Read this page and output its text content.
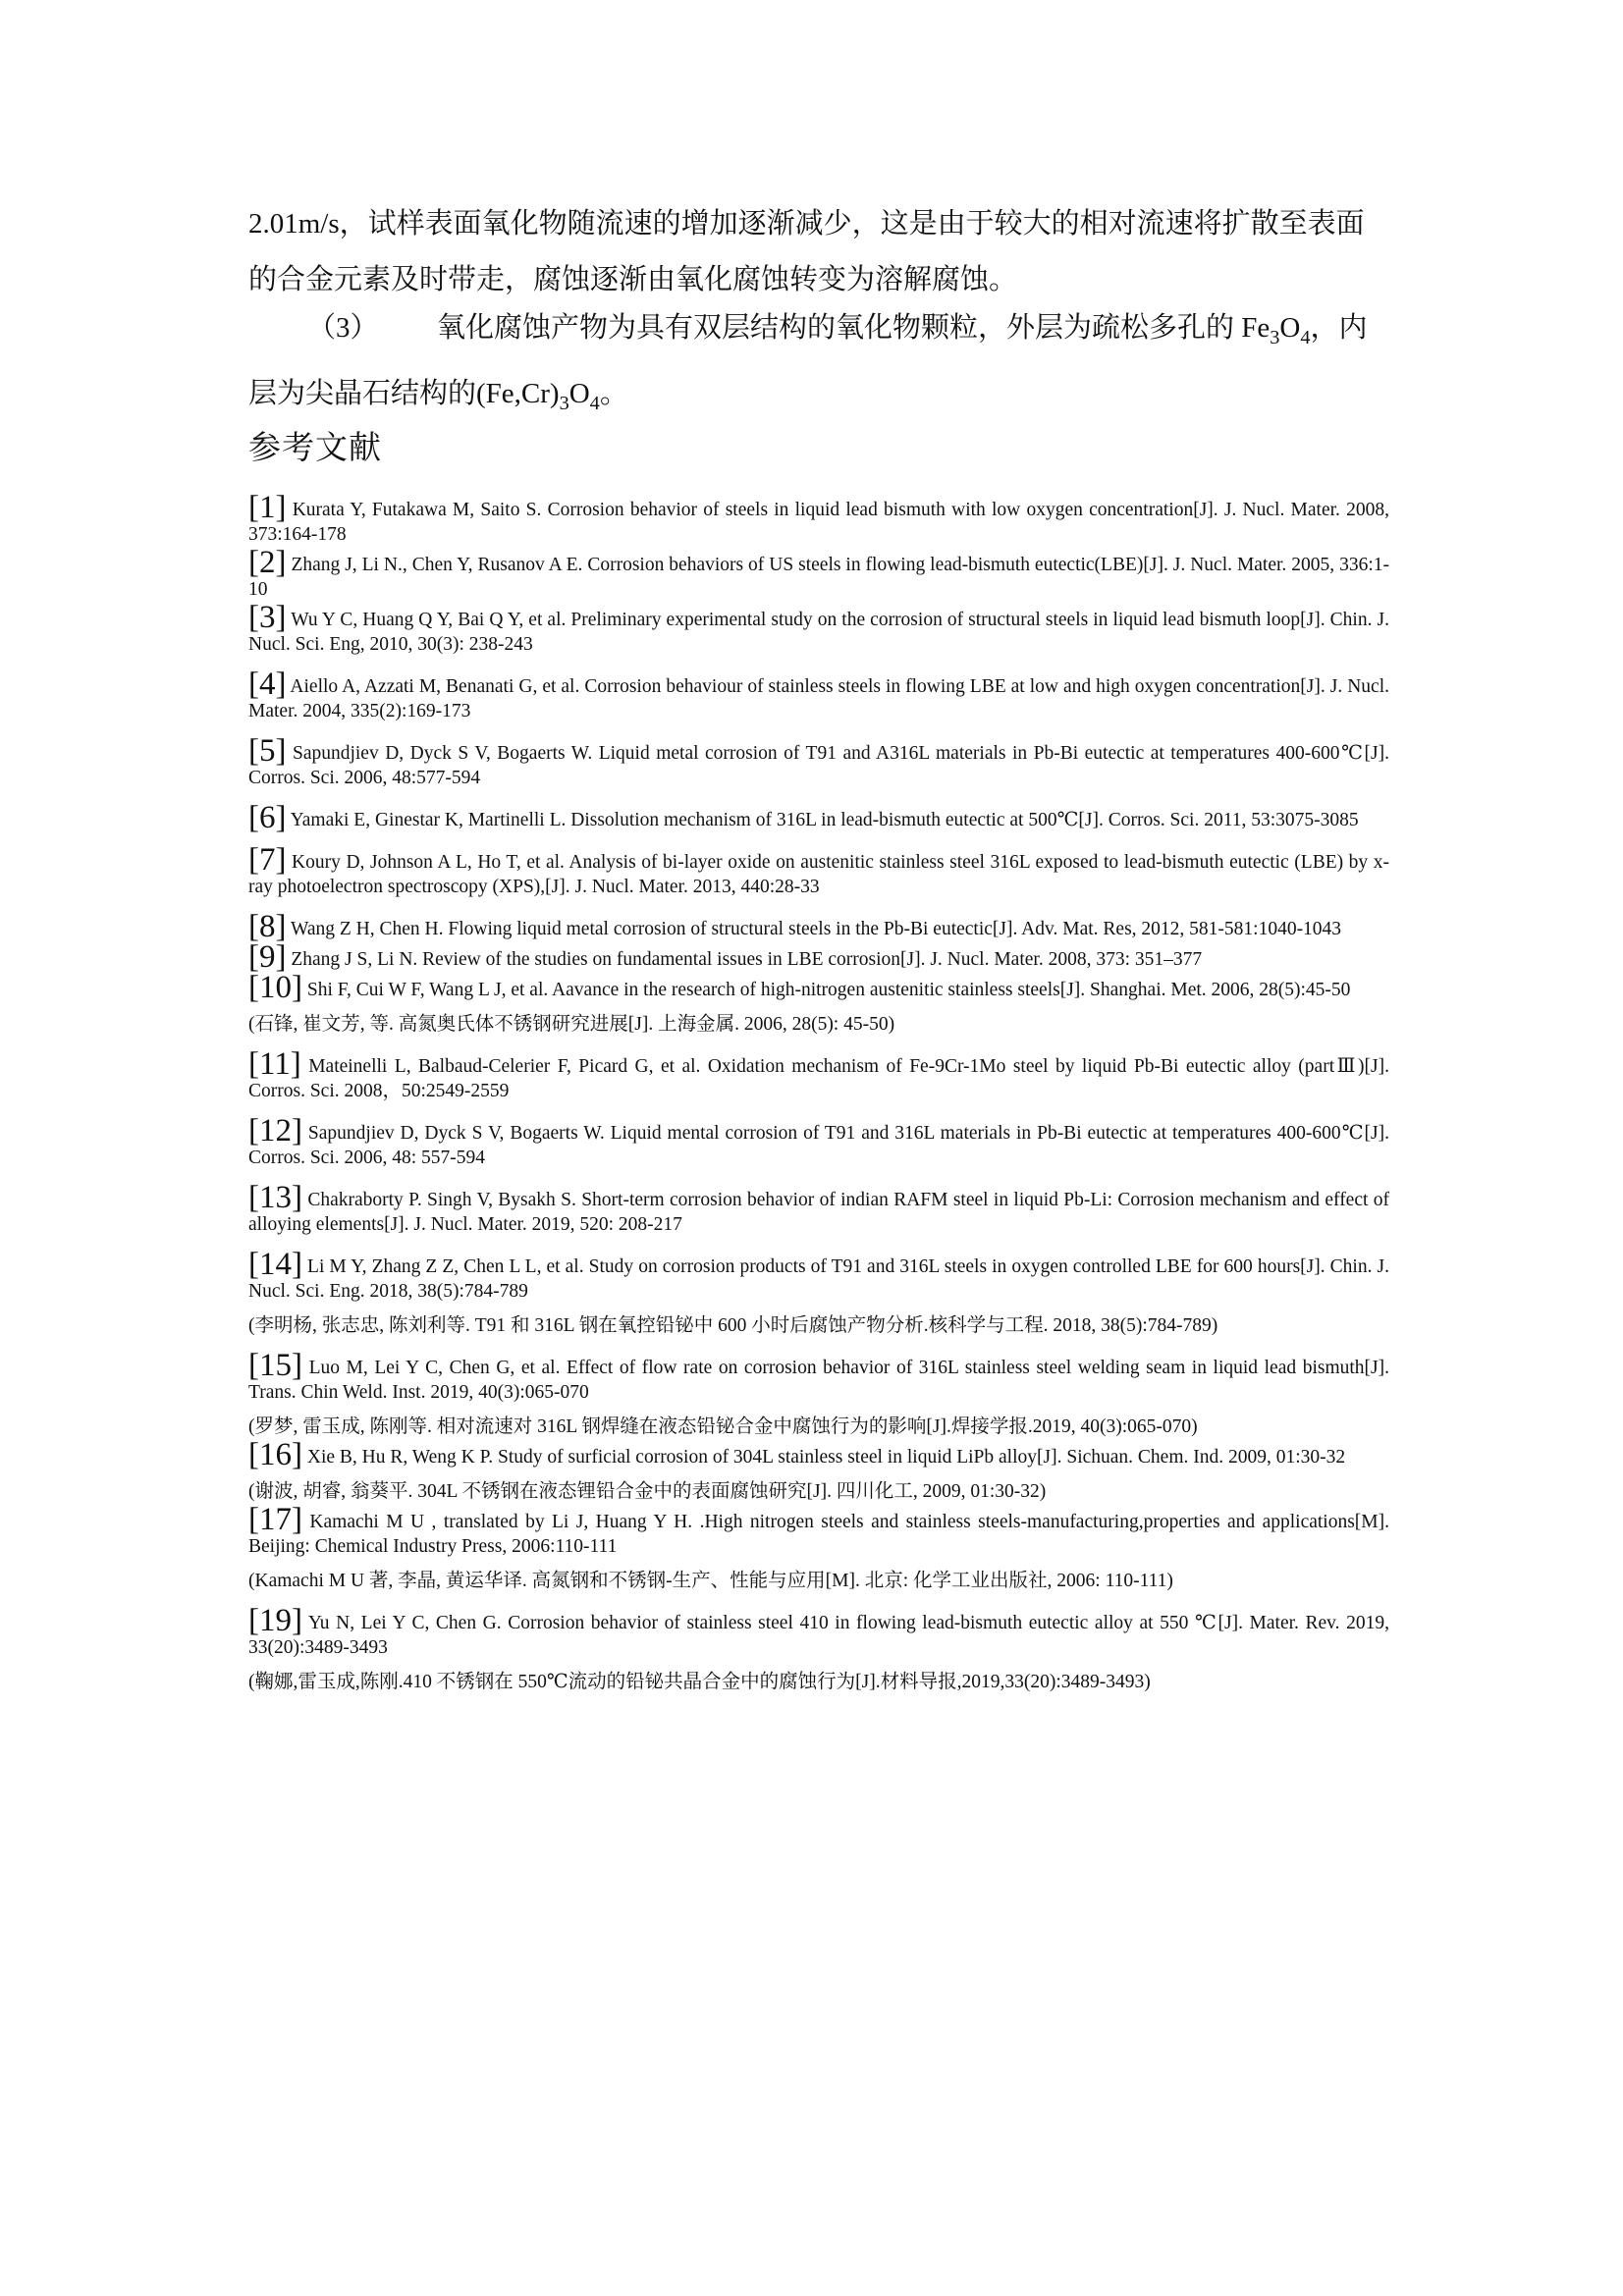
2.01m/s，试样表面氧化物随流速的增加逐渐减少，这是由于较大的相对流速将扩散至表面的合金元素及时带走，腐蚀逐渐由氧化腐蚀转变为溶解腐蚀。

（3） 氧化腐蚀产物为具有双层结构的氧化物颗粒，外层为疏松多孔的 $Fe_3O_4$，内层为尖晶石结构的$(Fe,Cr)_3O_4$。

参考文献

[1] Kurata Y, Futakawa M, Saito S. Corrosion behavior of steels in liquid lead bismuth with low oxygen concentration[J]. J. Nucl. Mater. 2008, 373:164-178

[2] Zhang J, Li N., Chen Y, Rusanov A E. Corrosion behaviors of US steels in flowing lead-bismuth eutectic(LBE)[J]. J. Nucl. Mater. 2005, 336:1-10

[3] Wu Y C, Huang Q Y, Bai Q Y, et al. Preliminary experimental study on the corrosion of structural steels in liquid lead bismuth loop[J]. Chin. J. Nucl. Sci. Eng, 2010, 30(3): 238-243

[4] Aiello A, Azzati M, Benanati G, et al. Corrosion behaviour of stainless steels in flowing LBE at low and high oxygen concentration[J]. J. Nucl. Mater. 2004, 335(2):169-173

[5] Sapundjiev D, Dyck S V, Bogaerts W. Liquid metal corrosion of T91 and A316L materials in Pb-Bi eutectic at temperatures 400-600℃[J]. Corros. Sci. 2006, 48:577-594

[6] Yamaki E, Ginestar K, Martinelli L. Dissolution mechanism of 316L in lead-bismuth eutectic at 500℃[J]. Corros. Sci. 2011, 53:3075-3085

[7] Koury D, Johnson A L, Ho T, et al. Analysis of bi-layer oxide on austenitic stainless steel 316L exposed to lead-bismuth eutectic (LBE) by x-ray photoelectron spectroscopy (XPS),[J]. J. Nucl. Mater. 2013, 440:28-33

[8] Wang Z H, Chen H. Flowing liquid metal corrosion of structural steels in the Pb-Bi eutectic[J]. Adv. Mat. Res, 2012, 581-581:1040-1043

[9] Zhang J S, Li N. Review of the studies on fundamental issues in LBE corrosion[J]. J. Nucl. Mater. 2008, 373: 351–377

[10] Shi F, Cui W F, Wang L J, et al. Aavance in the research of high-nitrogen austenitic stainless steels[J]. Shanghai. Met. 2006, 28(5):45-50

(石锋, 崔文芳, 等. 高氮奥氏体不锈钢研究进展[J]. 上海金属. 2006, 28(5): 45-50)

[11] Mateinelli L, Balbaud-Celerier F, Picard G, et al. Oxidation mechanism of Fe-9Cr-1Mo steel by liquid Pb-Bi eutectic alloy (partⅢ)[J]. Corros. Sci. 2008，50:2549-2559

[12] Sapundjiev D, Dyck S V, Bogaerts W. Liquid mental corrosion of T91 and 316L materials in Pb-Bi eutectic at temperatures 400-600℃[J]. Corros. Sci. 2006, 48: 557-594

[13] Chakraborty P. Singh V, Bysakh S. Short-term corrosion behavior of indian RAFM steel in liquid Pb-Li: Corrosion mechanism and effect of alloying elements[J]. J. Nucl. Mater. 2019, 520: 208-217

[14] Li M Y, Zhang Z Z, Chen L L, et al. Study on corrosion products of T91 and 316L steels in oxygen controlled LBE for 600 hours[J]. Chin. J. Nucl. Sci. Eng. 2018, 38(5):784-789

(李明杨, 张志忠, 陈刘利等. T91 和 316L 钢在氧控铅铋中 600 小时后腐蚀产物分析.核科学与工程. 2018, 38(5):784-789)

[15] Luo M, Lei Y C, Chen G, et al. Effect of flow rate on corrosion behavior of 316L stainless steel welding seam in liquid lead bismuth[J]. Trans. Chin Weld. Inst. 2019, 40(3):065-070

(罗梦, 雷玉成, 陈刚等. 相对流速对 316L 钢焊缝在液态铅铋合金中腐蚀行为的影响[J].焊接学报.2019, 40(3):065-070)

[16] Xie B, Hu R, Weng K P. Study of surficial corrosion of 304L stainless steel in liquid LiPb alloy[J]. Sichuan. Chem. Ind. 2009, 01:30-32

(谢波, 胡睿, 翁葵平. 304L 不锈钢在液态锂铅合金中的表面腐蚀研究[J]. 四川化工, 2009, 01:30-32)

[17] Kamachi M U , translated by Li J, Huang Y H. .High nitrogen steels and stainless steels-manufacturing,properties and applications[M]. Beijing: Chemical Industry Press, 2006:110-111

(Kamachi M U 著, 李晶, 黄运华译. 高氮钢和不锈钢-生产、性能与应用[M]. 北京: 化学工业出版社, 2006: 110-111)

[19] Yu N, Lei Y C, Chen G. Corrosion behavior of stainless steel 410 in flowing lead-bismuth eutectic alloy at 550 ℃[J]. Mater. Rev. 2019, 33(20):3489-3493

(鞠娜,雷玉成,陈刚.410 不锈钢在 550℃流动的铅铋共晶合金中的腐蚀行为[J].材料导报,2019,33(20):3489-3493)
